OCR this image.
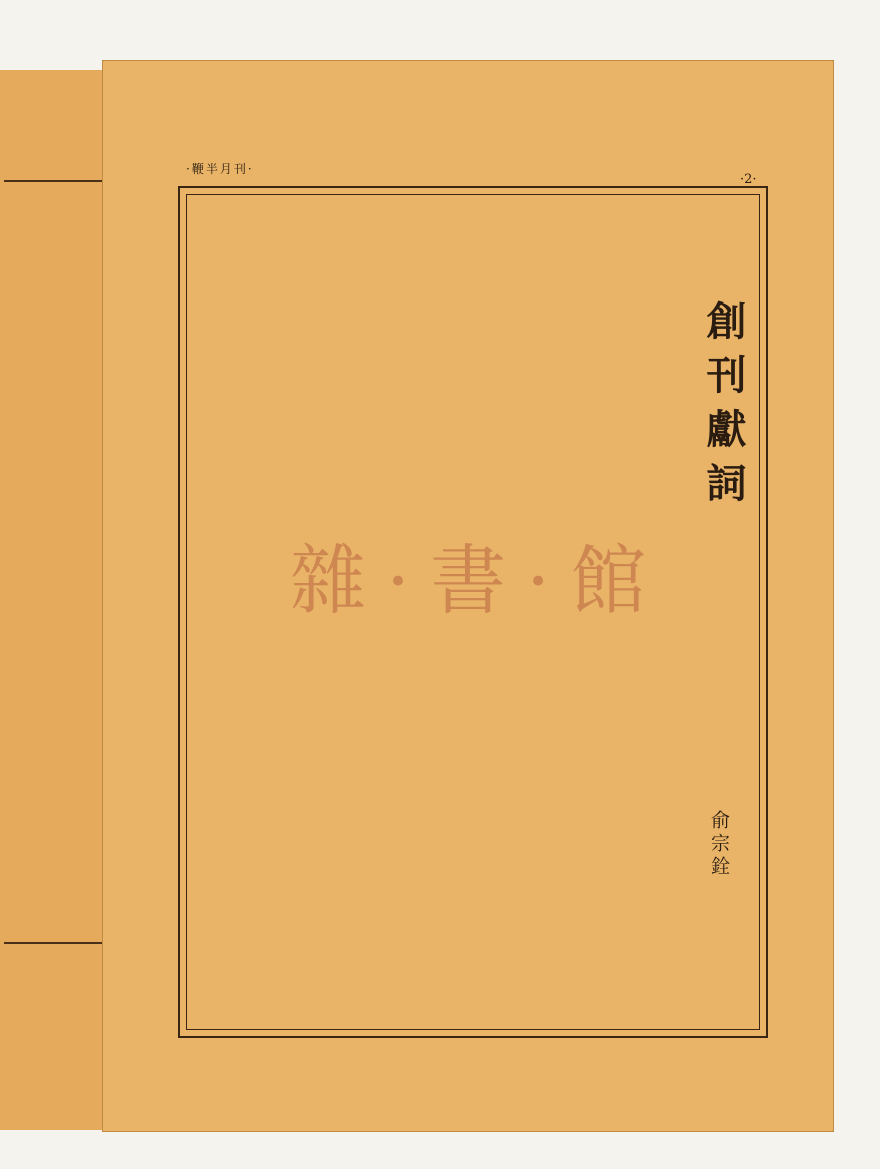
·鞭半月刊·
·2·
創刊獻詞
俞宗銓
雜·書·館
